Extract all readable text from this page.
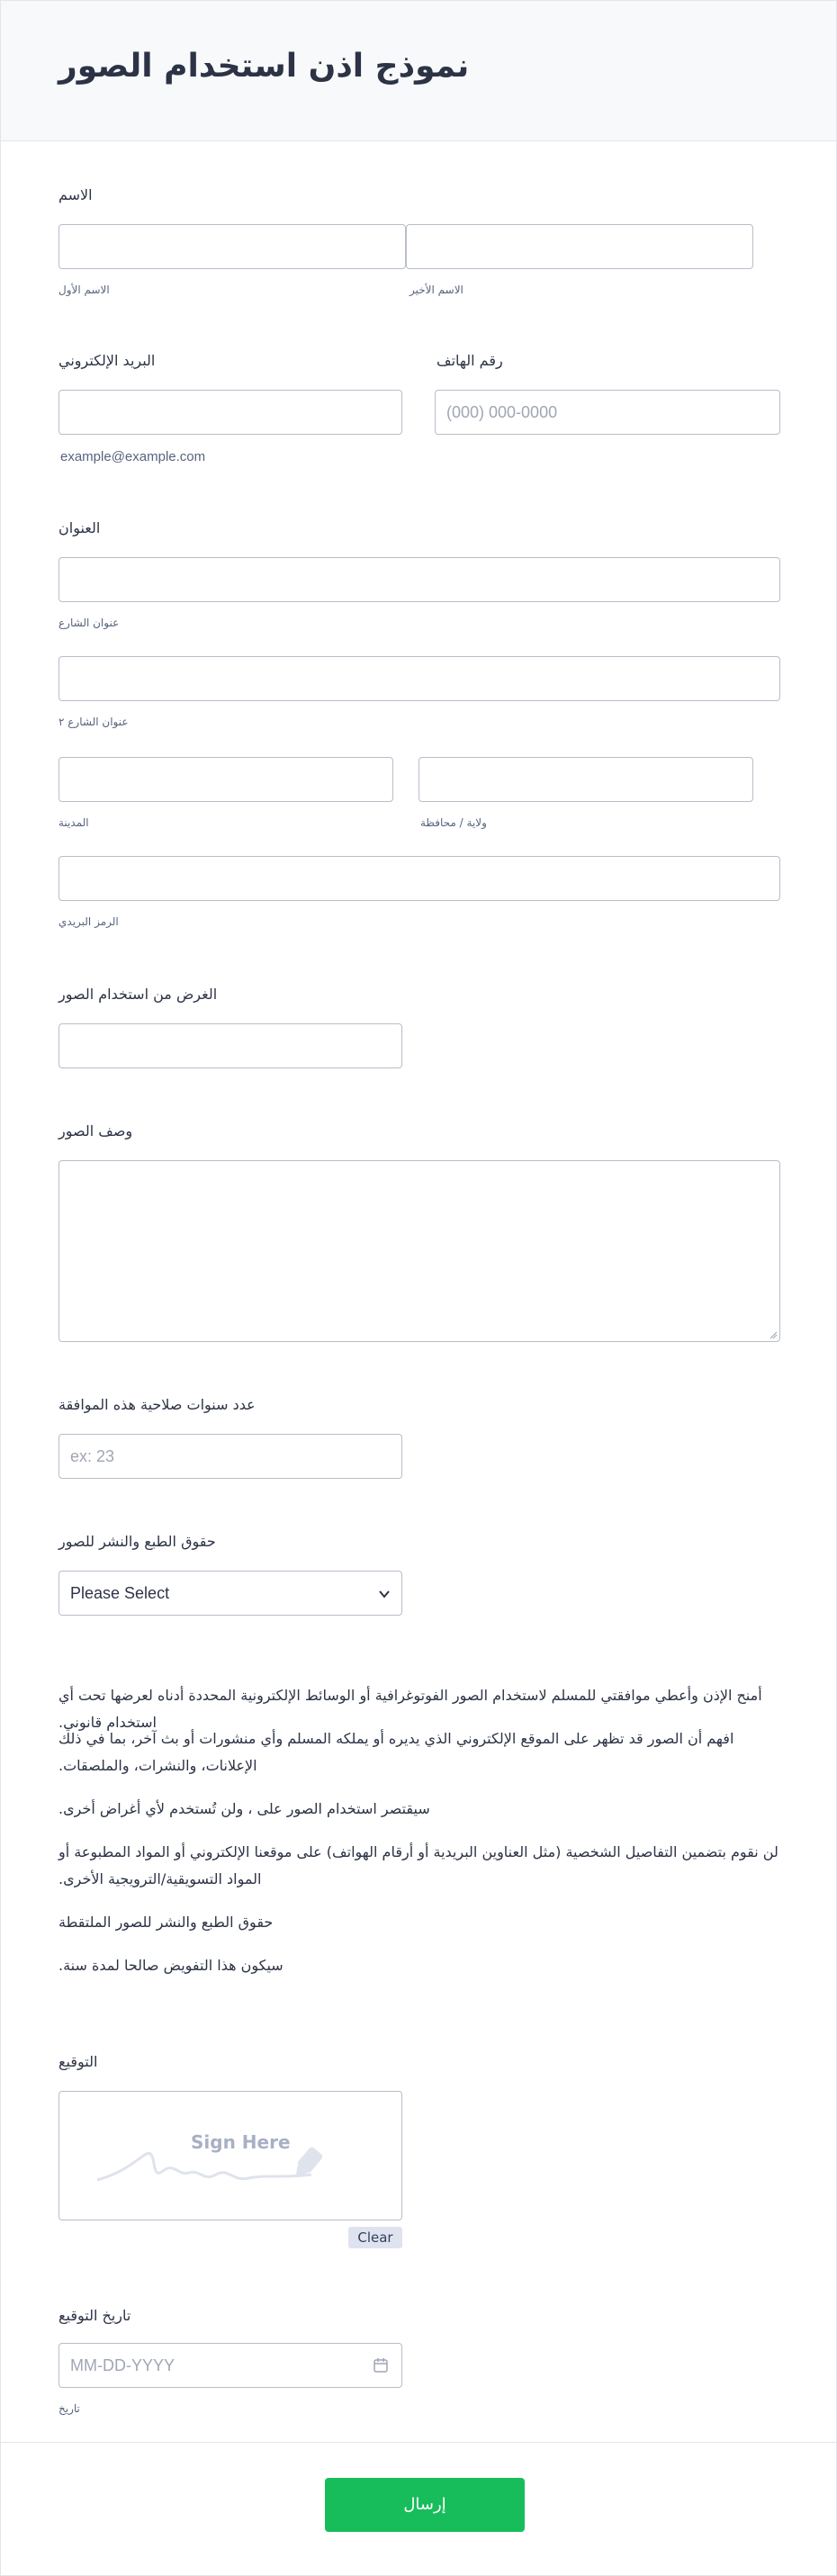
نموذج اذن استخدام الصور
الاسم
الاسم الأول	الاسم الأخير
البريد الإلكتروني
example@example.com
رقم الهاتف
(000) 000-0000
العنوان
عنوان الشارع
عنوان الشارع ٢
المدينة	ولاية / محافظة
الرمز البريدي
الغرض من استخدام الصور
وصف الصور
عدد سنوات صلاحية هذه الموافقة
ex: 23
حقوق الطبع والنشر للصور
Please Select
أمنح الإذن وأعطي موافقتي للمسلم لاستخدام الصور الفوتوغرافية أو الوسائط الإلكترونية المحددة أدناه لعرضها تحت أي استخدام قانوني.
افهم أن الصور قد تظهر على الموقع الإلكتروني الذي يديره أو يملكه المسلم وأي منشورات أو بث آخر، بما في ذلك الإعلانات، والنشرات، والملصقات.
سيقتصر استخدام الصور على ، ولن تُستخدم لأي أغراض أخرى.
لن نقوم بتضمين التفاصيل الشخصية (مثل العناوين البريدية أو أرقام الهواتف) على موقعنا الإلكتروني أو المواد المطبوعة أو المواد التسويقية/الترويجية الأخرى.
حقوق الطبع والنشر للصور الملتقطة
سيكون هذا التفويض صالحا لمدة سنة.
التوقيع
Sign Here
Clear
تاريخ التوقيع
MM-DD-YYYY
تاريخ
إرسال
